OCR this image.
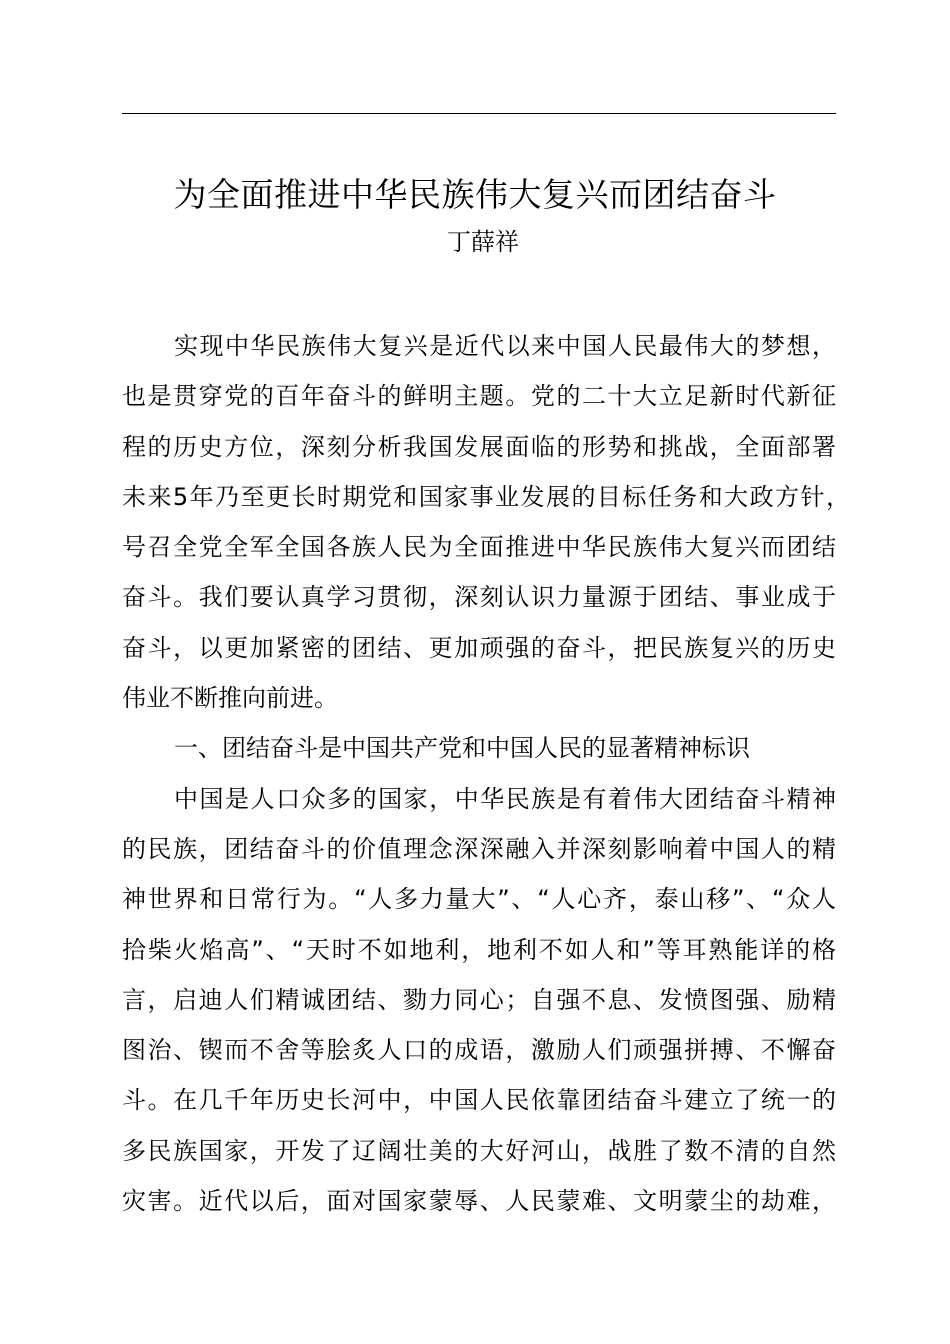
为全面推进中华民族伟大复兴而团结奋斗
丁薛祥
实现中华民族伟大复兴是近代以来中国人民最伟大的梦想，
也是贯穿党的百年奋斗的鲜明主题。党的二十大立足新时代新征
程的历史方位，深刻分析我国发展面临的形势和挑战，全面部署
未来5年乃至更长时期党和国家事业发展的目标任务和大政方针，
号召全党全军全国各族人民为全面推进中华民族伟大复兴而团结
奋斗。我们要认真学习贯彻，深刻认识力量源于团结、事业成于
奋斗，以更加紧密的团结、更加顽强的奋斗，把民族复兴的历史
伟业不断推向前进。
一、团结奋斗是中国共产党和中国人民的显著精神标识
中国是人口众多的国家，中华民族是有着伟大团结奋斗精神
的民族，团结奋斗的价值理念深深融入并深刻影响着中国人的精
神世界和日常行为。“人多力量大”、“人心齐，泰山移”、“众人
拾柴火焰高”、“天时不如地利，地利不如人和”等耳熟能详的格
言，启迪人们精诚团结、勠力同心；自强不息、发愤图强、励精
图治、锲而不舍等脍炙人口的成语，激励人们顽强拼搏、不懈奋
斗。在几千年历史长河中，中国人民依靠团结奋斗建立了统一的
多民族国家，开发了辽阔壮美的大好河山，战胜了数不清的自然
灾害。近代以后，面对国家蒙辱、人民蒙难、文明蒙尘的劫难，
